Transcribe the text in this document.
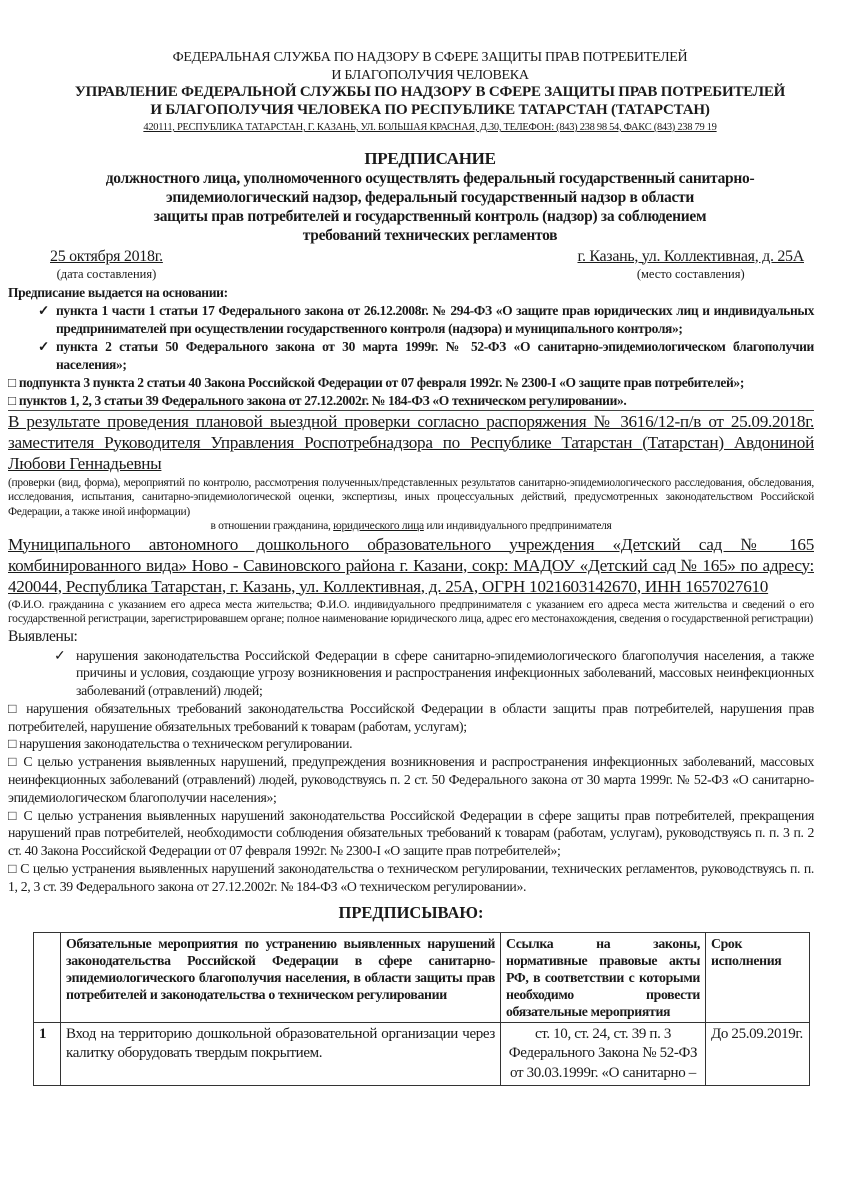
ФЕДЕРАЛЬНАЯ СЛУЖБА ПО НАДЗОРУ В СФЕРЕ ЗАЩИТЫ ПРАВ ПОТРЕБИТЕЛЕЙ
И БЛАГОПОЛУЧИЯ ЧЕЛОВЕКА
УПРАВЛЕНИЕ ФЕДЕРАЛЬНОЙ СЛУЖБЫ ПО НАДЗОРУ В СФЕРЕ ЗАЩИТЫ ПРАВ ПОТРЕБИТЕЛЕЙ
И БЛАГОПОЛУЧИЯ ЧЕЛОВЕКА ПО РЕСПУБЛИКЕ ТАТАРСТАН (ТАТАРСТАН)
420111, РЕСПУБЛИКА ТАТАРСТАН, Г. КАЗАНЬ, УЛ. БОЛЬШАЯ КРАСНАЯ, Д.30, ТЕЛЕФОН: (843) 238 98 54, ФАКС (843) 238 79 19
ПРЕДПИСАНИЕ
должностного лица, уполномоченного осуществлять федеральный государственный санитарно-
эпидемиологический надзор, федеральный государственный надзор в области
защиты прав потребителей и государственный контроль (надзор) за соблюдением
требований технических регламентов
25 октября 2018г.
(дата составления)
г. Казань, ул. Коллективная, д. 25А
(место составления)
Предписание выдается на основании:
✓ пункта 1 части 1 статьи 17 Федерального закона от 26.12.2008г. № 294-ФЗ «О защите прав юридических лиц и индивидуальных предпринимателей при осуществлении государственного контроля (надзора) и муниципального контроля»;
✓ пункта 2 статьи 50 Федерального закона от 30 марта 1999г. № 52-ФЗ «О санитарно-эпидемиологическом благополучии населения»;
□ подпункта 3 пункта 2 статьи 40 Закона Российской Федерации от 07 февраля 1992г. № 2300-I «О защите прав потребителей»;
□ пунктов 1, 2, 3 статьи 39 Федерального закона от 27.12.2002г. № 184-ФЗ «О техническом регулировании».
В результате проведения плановой выездной проверки согласно распоряжения № 3616/12-п/в от 25.09.2018г. заместителя Руководителя Управления Роспотребнадзора по Республике Татарстан (Татарстан) Авдониной Любови Геннадьевны
(проверки (вид, форма), мероприятий по контролю, рассмотрения полученных/представленных результатов санитарно-эпидемиологического расследования, обследования, исследования, испытания, санитарно-эпидемиологической оценки, экспертизы, иных процессуальных действий, предусмотренных законодательством Российской Федерации, а также иной информации)
в отношении гражданина, юридического лица или индивидуального предпринимателя
Муниципального автономного дошкольного образовательного учреждения «Детский сад № 165 комбинированного вида» Ново - Савиновского района г. Казани, сокр: МАДОУ «Детский сад № 165» по адресу: 420044, Республика Татарстан, г. Казань, ул. Коллективная, д. 25А, ОГРН 1021603142670, ИНН 1657027610
(Ф.И.О. гражданина с указанием его адреса места жительства; Ф.И.О. индивидуального предпринимателя с указанием его адреса места жительства и сведений о его государственной регистрации, зарегистрировавшем органе; полное наименование юридического лица, адрес его местонахождения, сведения о государственной регистрации)

Выявлены:

✓ нарушения законодательства Российской Федерации в сфере санитарно-эпидемиологического благополучия населения, а также причины и условия, создающие угрозу возникновения и распространения инфекционных заболеваний, массовых неинфекционных заболеваний (отравлений) людей;

□ нарушения обязательных требований законодательства Российской Федерации в области защиты прав потребителей, нарушения прав потребителей, нарушение обязательных требований к товарам (работам, услугам);

□ нарушения законодательства о техническом регулировании.

□ С целью устранения выявленных нарушений, предупреждения возникновения и распространения инфекционных заболеваний, массовых неинфекционных заболеваний (отравлений) людей, руководствуясь п. 2 ст. 50 Федерального закона от 30 марта 1999г. № 52-ФЗ «О санитарно-эпидемиологическом благополучии населения»;

□ С целью устранения выявленных нарушений законодательства Российской Федерации в сфере защиты прав потребителей, прекращения нарушений прав потребителей, необходимости соблюдения обязательных требований к товарам (работам, услугам), руководствуясь п. п. 3 п. 2 ст. 40 Закона Российской Федерации от 07 февраля 1992г. № 2300-I «О защите прав потребителей»;

□ С целью устранения выявленных нарушений законодательства о техническом регулировании, технических регламентов, руководствуясь п. п. 1, 2, 3 ст. 39 Федерального закона от 27.12.2002г. № 184-ФЗ «О техническом регулировании».

ПРЕДПИСЫВАЮ:
	Обязательные мероприятия по устранению выявленных нарушений законодательства Российской Федерации в сфере санитарно-эпидемиологического благополучия населения, в области защиты прав потребителей и законодательства о техническом регулировании	Ссылка на законы, нормативные правовые акты РФ, в соответствии с которыми необходимо провести обязательные мероприятия	Срок исполнения
1	Вход на территорию дошкольной образовательной организации через калитку оборудовать твердым покрытием.	ст. 10, ст. 24, ст. 39 п. 3 Федерального Закона № 52-ФЗ от 30.03.1999г. «О санитарно –	До 25.09.2019г.
